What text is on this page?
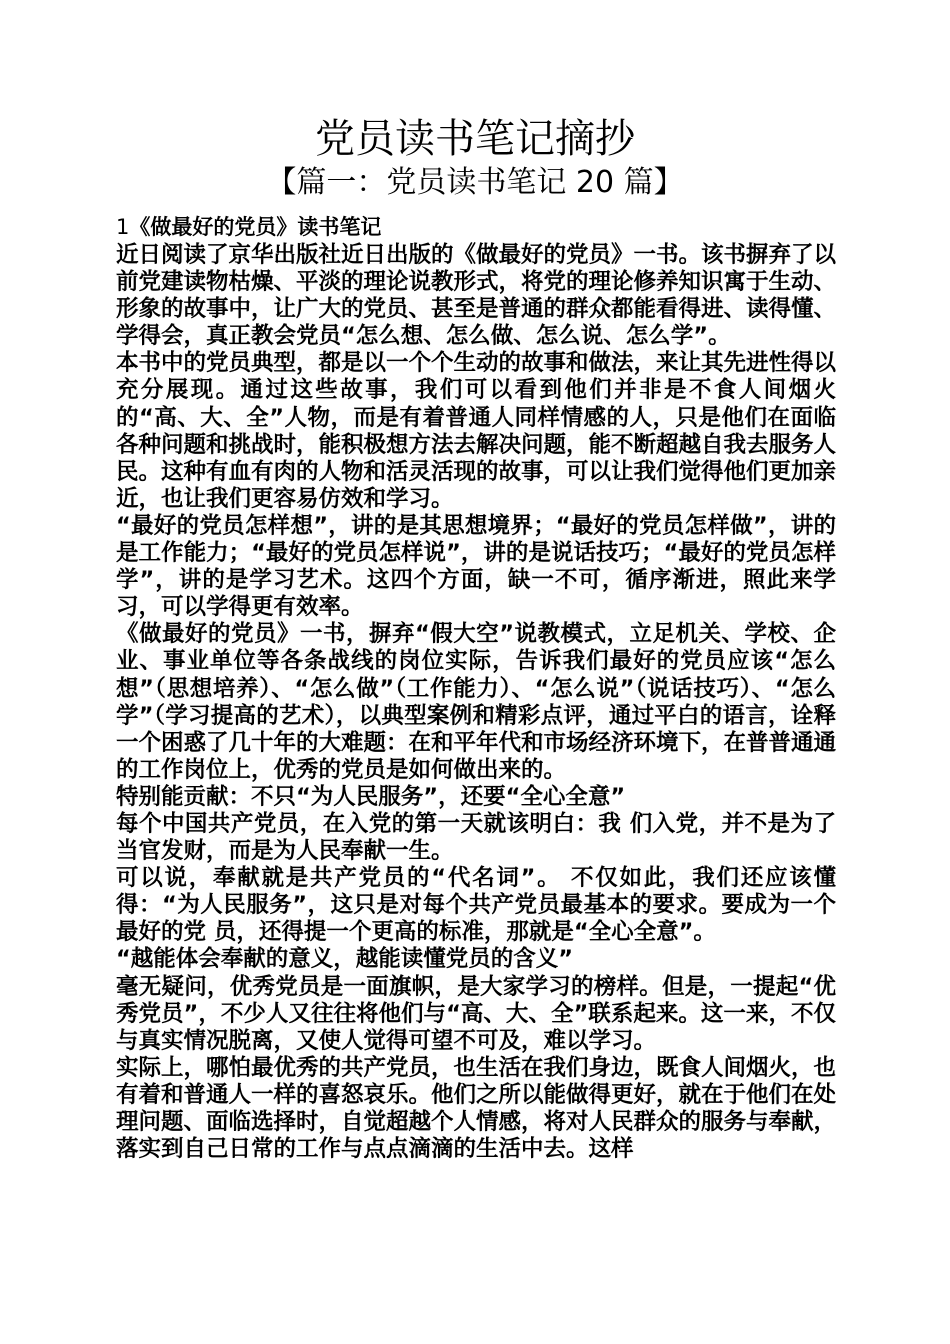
党员读书笔记摘抄
【篇一：党员读书笔记 20 篇】

1《做最好的党员》读书笔记

近日阅读了京华出版社近日出版的《做最好的党员》一书。该书摒弃了以前党建读物枯燥、平淡的理论说教形式，将党的理论修养知识寓于生动、形象的故事中，让广大的党员、甚至是普通的群众都能看得进、读得懂、学得会，真正教会党员“怎么想、怎么做、怎么说、怎么学”。

本书中的党员典型，都是以一个个生动的故事和做法，来让其先进性得以充分展现。通过这些故事，我们可以看到他们并非是不食人间烟火的“高、大、全”人物，而是有着普通人同样情感的人，只是他们在面临各种问题和挑战时，能积极想方法去解决问题，能不断超越自我去服务人民。这种有血有肉的人物和活灵活现的故事，可以让我们觉得他们更加亲近，也让我们更容易仿效和学习。

“最好的党员怎样想”，讲的是其思想境界；“最好的党员怎样做”，讲的是工作能力；“最好的党员怎样说”，讲的是说话技巧；“最好的党员怎样学”，讲的是学习艺术。这四个方面，缺一不可，循序渐进，照此来学习，可以学得更有效率。

《做最好的党员》一书，摒弃“假大空”说教模式，立足机关、学校、企业、事业单位等各条战线的岗位实际，告诉我们最好的党员应该“怎么想”（思想培养）、“怎么做”（工作能力）、“怎么说”（说话技巧）、“怎么学”（学习提高的艺术），以典型案例和精彩点评，通过平白的语言，诠释一个困惑了几十年的大难题：在和平年代和市场经济环境下，在普普通通的工作岗位上，优秀的党员是如何做出来的。

特别能贡献：不只“为人民服务”，还要“全心全意”

每个中国共产党员，在入党的第一天就该明白：我 们入党，并不是为了当官发财，而是为人民奉献一生。

可以说，奉献就是共产党员的“代名词”。 不仅如此，我们还应该懂得：“为人民服务”，这只是对每个共产党员最基本的要求。要成为一个最好的党 员，还得提一个更高的标准，那就是“全心全意”。

“越能体会奉献的意义，越能读懂党员的含义”

毫无疑问，优秀党员是一面旗帜，是大家学习的榜样。但是，一提起“优秀党员”，不少人又往往将他们与“高、大、全”联系起来。这一来，不仅与真实情况脱离，又使人觉得可望不可及，难以学习。

实际上，哪怕最优秀的共产党员，也生活在我们身边，既食人间烟火，也有着和普通人一样的喜怒哀乐。他们之所以能做得更好，就在于他们在处理问题、面临选择时，自觉超越个人情感，将对人民群众的服务与奉献，落实到自己日常的工作与点点滴滴的生活中去。这样
